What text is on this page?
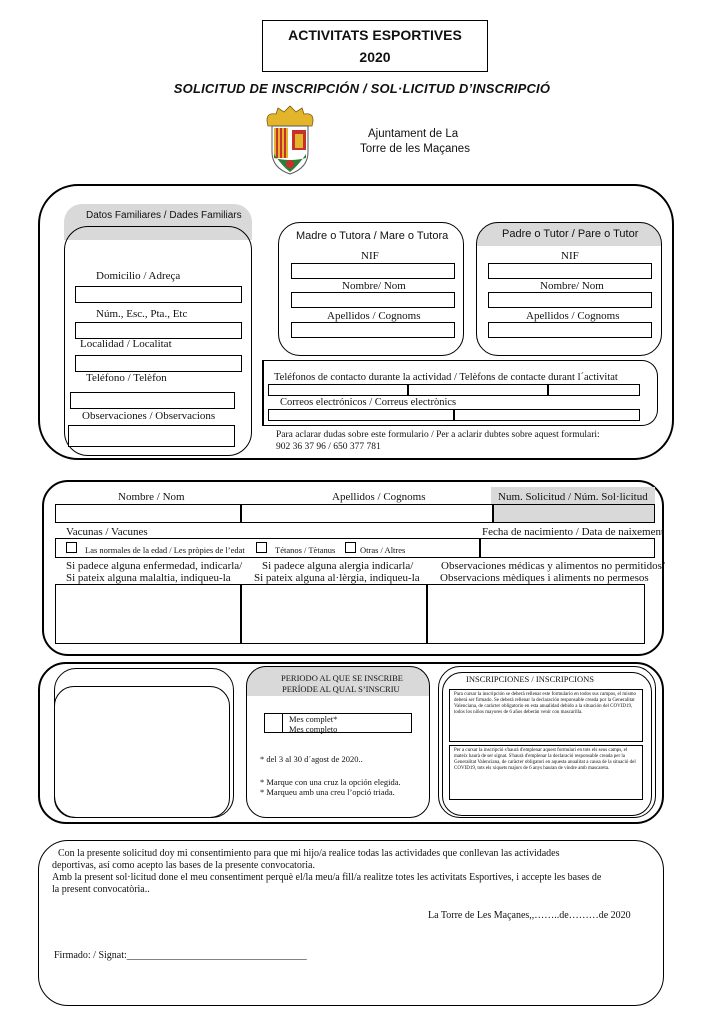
ACTIVITATS ESPORTIVES
2020
SOLICITUD DE INSCRIPCIÓN / SOL·LICITUD D’INSCRIPCIÓ
Ajuntament de La
Torre de les Maçanes
Datos Familiares / Dades Familiars
Domicilio / Adreça
Núm., Esc., Pta., Etc
Localidad / Localitat
Teléfono / Telèfon
Observaciones / Observacions
Madre o Tutora / Mare o Tutora
NIF
Nombre/ Nom
Apellidos / Cognoms
Padre o Tutor / Pare o Tutor
NIF
Nombre/ Nom
Apellidos / Cognoms
Teléfonos de contacto durante la actividad / Telèfons de contacte durant l´activitat
Correos electrónicos / Correus electrònics
Para aclarar dudas sobre este formulario / Per a aclarir dubtes sobre aquest formulari:
902 36 37 96 / 650 377 781
Nombre / Nom	Apellidos / Cognoms	Num. Solicitud / Núm. Sol·licitud
Vacunas / Vacunes	Fecha de nacimiento / Data de naixement
Las normales de la edad / Les pròpies de l’edat	Tétanos / Tètanus	Otras / Altres
Si padece alguna enfermedad, indicarla/
Si pateix alguna malaltia, indiqueu-la
Si padece alguna alergia indicarla/
Si pateix alguna al·lèrgia, indiqueu-la
Observaciones médicas y alimentos no permitidos/
Observacions mèdiques i aliments no permesos
PERIODO AL QUE SE INSCRIBE
PERÍODE AL QUAL S’INSCRIU
Mes complet*
Mes completo
* del 3 al 30 d´agost de 2020..
* Marque con una cruz la opción elegida.
* Marqueu amb una creu l’opció triada.
INSCRIPCIONES / INSCRIPCIONS
Para cursar la inscripción se deberá rellenar este formulario en todos sus campos, el mismo deberá ser firmado. Se deberá rellenar la declaración responsable creada por la Generalitat Valenciana, de carácter obligatorio en esta anualidad debido a la situación del COVID19, todos los niños mayores de 6 años deberán venir con mascarilla.
Per a cursar la inscripció s'haurà d'emplenar aquest formulari en tots els seus camps, el mateix haurà de ser signat. S'haurà d'emplenar la declaració responsable creada per la Generalitat Valenciana, de caràcter obligatori en aquesta anualitat a causa de la situació del COVID19, tots els xiquets majors de 6 anys hauran de vindre amb mascareta.
Con la presente solicitud doy mi consentimiento para que mi hijo/a realice todas las actividades que conllevan las actividades
deportivas, así como acepto las bases de la presente convocatoria.
Amb la present sol·licitud done el meu consentiment perquè el/la meu/a fill/a realitze totes les activitats Esportives, i accepte les bases de
la present convocatòria..
La Torre de Les Maçanes,,……..de………de 2020
Firmado: / Signat:____________________________________
